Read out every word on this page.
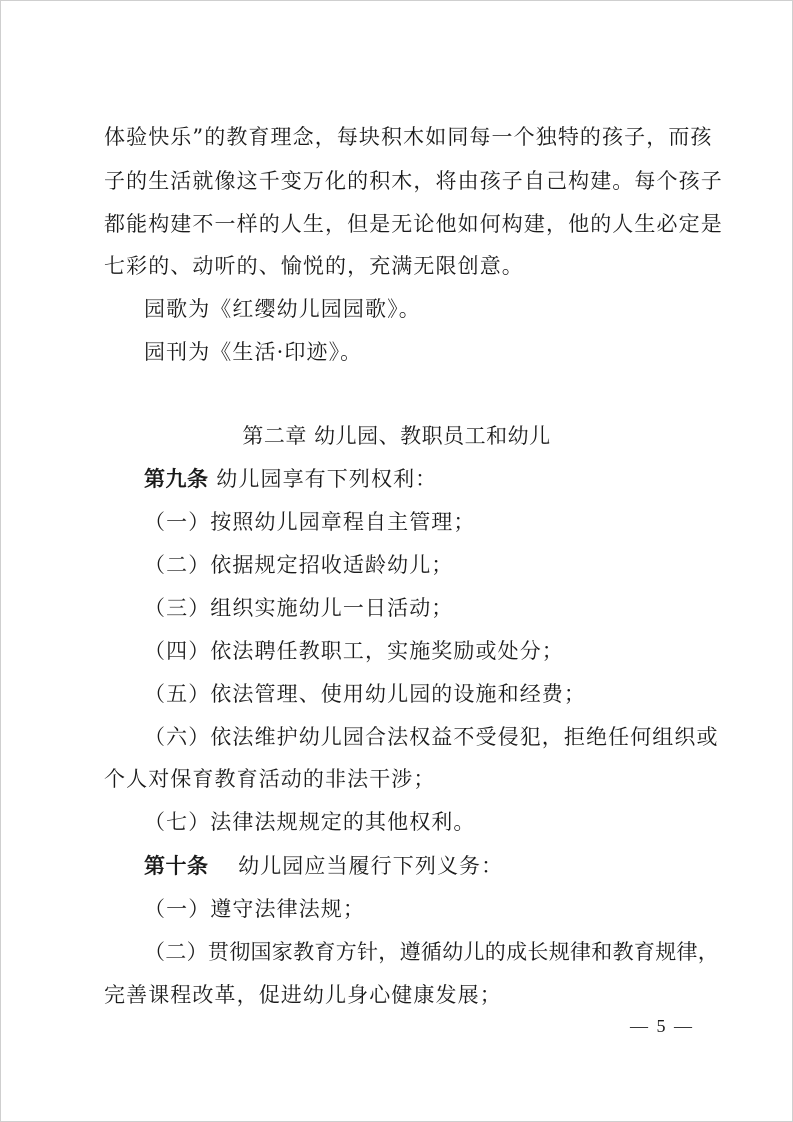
体验快乐”的教育理念，每块积木如同每一个独特的孩子，而孩
子的生活就像这千变万化的积木，将由孩子自己构建。每个孩子
都能构建不一样的人生，但是无论他如何构建，他的人生必定是
七彩的、动听的、愉悦的，充满无限创意。
园歌为《红缨幼儿园园歌》。
园刊为《生活·印迹》。
第二章 幼儿园、教职员工和幼儿
第九条 幼儿园享有下列权利：
（一）按照幼儿园章程自主管理；
（二）依据规定招收适龄幼儿；
（三）组织实施幼儿一日活动；
（四）依法聘任教职工，实施奖励或处分；
（五）依法管理、使用幼儿园的设施和经费；
（六）依法维护幼儿园合法权益不受侵犯，拒绝任何组织或
个人对保育教育活动的非法干涉；
（七）法律法规规定的其他权利。
第十条 幼儿园应当履行下列义务：
（一）遵守法律法规；
（二）贯彻国家教育方针，遵循幼儿的成长规律和教育规律，
完善课程改革，促进幼儿身心健康发展；
— 5 —
